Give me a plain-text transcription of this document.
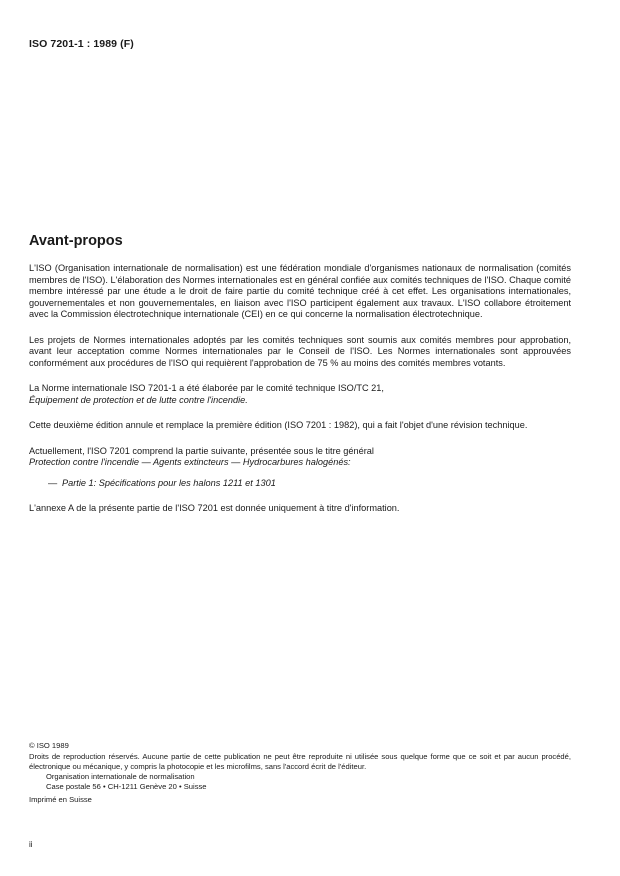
ISO 7201-1 : 1989 (F)
Avant-propos

L'ISO (Organisation internationale de normalisation) est une fédération mondiale d'organismes nationaux de normalisation (comités membres de l'ISO). L'élaboration des Normes internationales est en général confiée aux comités techniques de l'ISO. Chaque comité membre intéressé par une étude a le droit de faire partie du comité technique créé à cet effet. Les organisations internationales, gouvernementales et non gouvernementales, en liaison avec l'ISO participent également aux travaux. L'ISO collabore étroitement avec la Commission électrotechnique internationale (CEI) en ce qui concerne la normalisation électrotechnique.

Les projets de Normes internationales adoptés par les comités techniques sont soumis aux comités membres pour approbation, avant leur acceptation comme Normes internationales par le Conseil de l'ISO. Les Normes internationales sont approuvées conformément aux procédures de l'ISO qui requièrent l'approbation de 75 % au moins des comités membres votants.

La Norme internationale ISO 7201-1 a été élaborée par le comité technique ISO/TC 21,
Équipement de protection et de lutte contre l'incendie.

Cette deuxième édition annule et remplace la première édition (ISO 7201 : 1982), qui a fait l'objet d'une révision technique.

Actuellement, l'ISO 7201 comprend la partie suivante, présentée sous le titre général
Protection contre l'incendie — Agents extincteurs — Hydrocarbures halogénés:

— Partie 1: Spécifications pour les halons 1211 et 1301

L'annexe A de la présente partie de l'ISO 7201 est donnée uniquement à titre d'information.

© ISO 1989

Droits de reproduction réservés. Aucune partie de cette publication ne peut être reproduite ni utilisée sous quelque forme que ce soit et par aucun procédé, électronique ou mécanique, y compris la photocopie et les microfilms, sans l'accord écrit de l'éditeur.

Organisation internationale de normalisation

Case postale 56 • CH-1211 Genève 20 • Suisse

Imprimé en Suisse

ii
